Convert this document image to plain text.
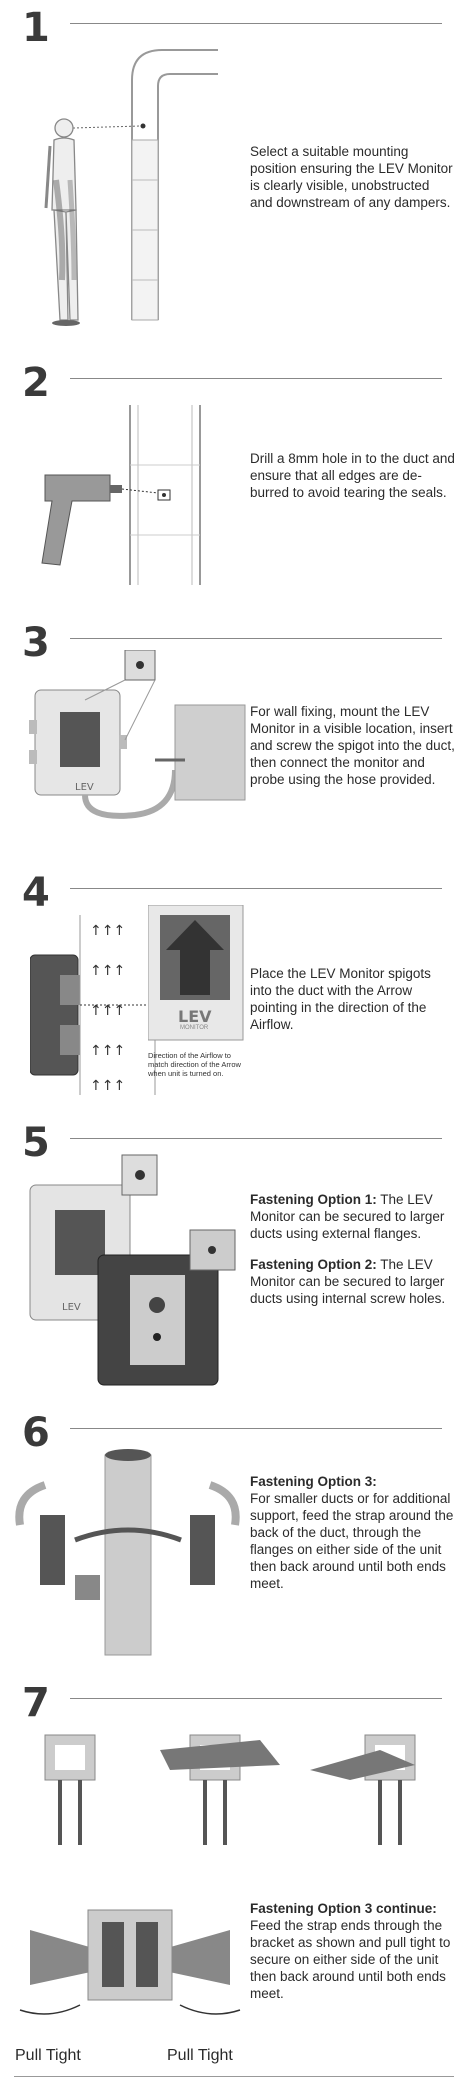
1
Select a suitable mounting position ensuring the LEV Monitor is clearly visible, unobstructed and downstream of any dampers.
2
Drill a 8mm hole in to the duct and ensure that all edges are de-burred to avoid tearing the seals.
3
LEV
For wall fixing, mount the LEV Monitor in a visible location, insert and screw the spigot into the duct, then connect the monitor and probe using the hose provided.
4
↑↑↑
↑↑↑
↑↑↑
↑↑↑
↑↑↑
LEV
MONITOR
Direction of the Airflow to match direction of the Arrow when unit is turned on.
Place the LEV Monitor spigots into the duct with the Arrow pointing in the direction of the Airflow.
5
LEV

Fastening Option 1: The LEV Monitor can be secured to larger ducts using external flanges.

Fastening Option 2: The LEV Monitor can be secured to larger ducts using internal screw holes.

6
Fastening Option 3:
For smaller ducts or for additional support, feed the strap around the back of the duct, through the flanges on either side of the unit then back around until both ends meet.
7
Pull Tight	Pull Tight
Fastening Option 3 continue:
Feed the strap ends through the bracket as shown and pull tight to secure on either side of the unit then back around until both ends meet.
